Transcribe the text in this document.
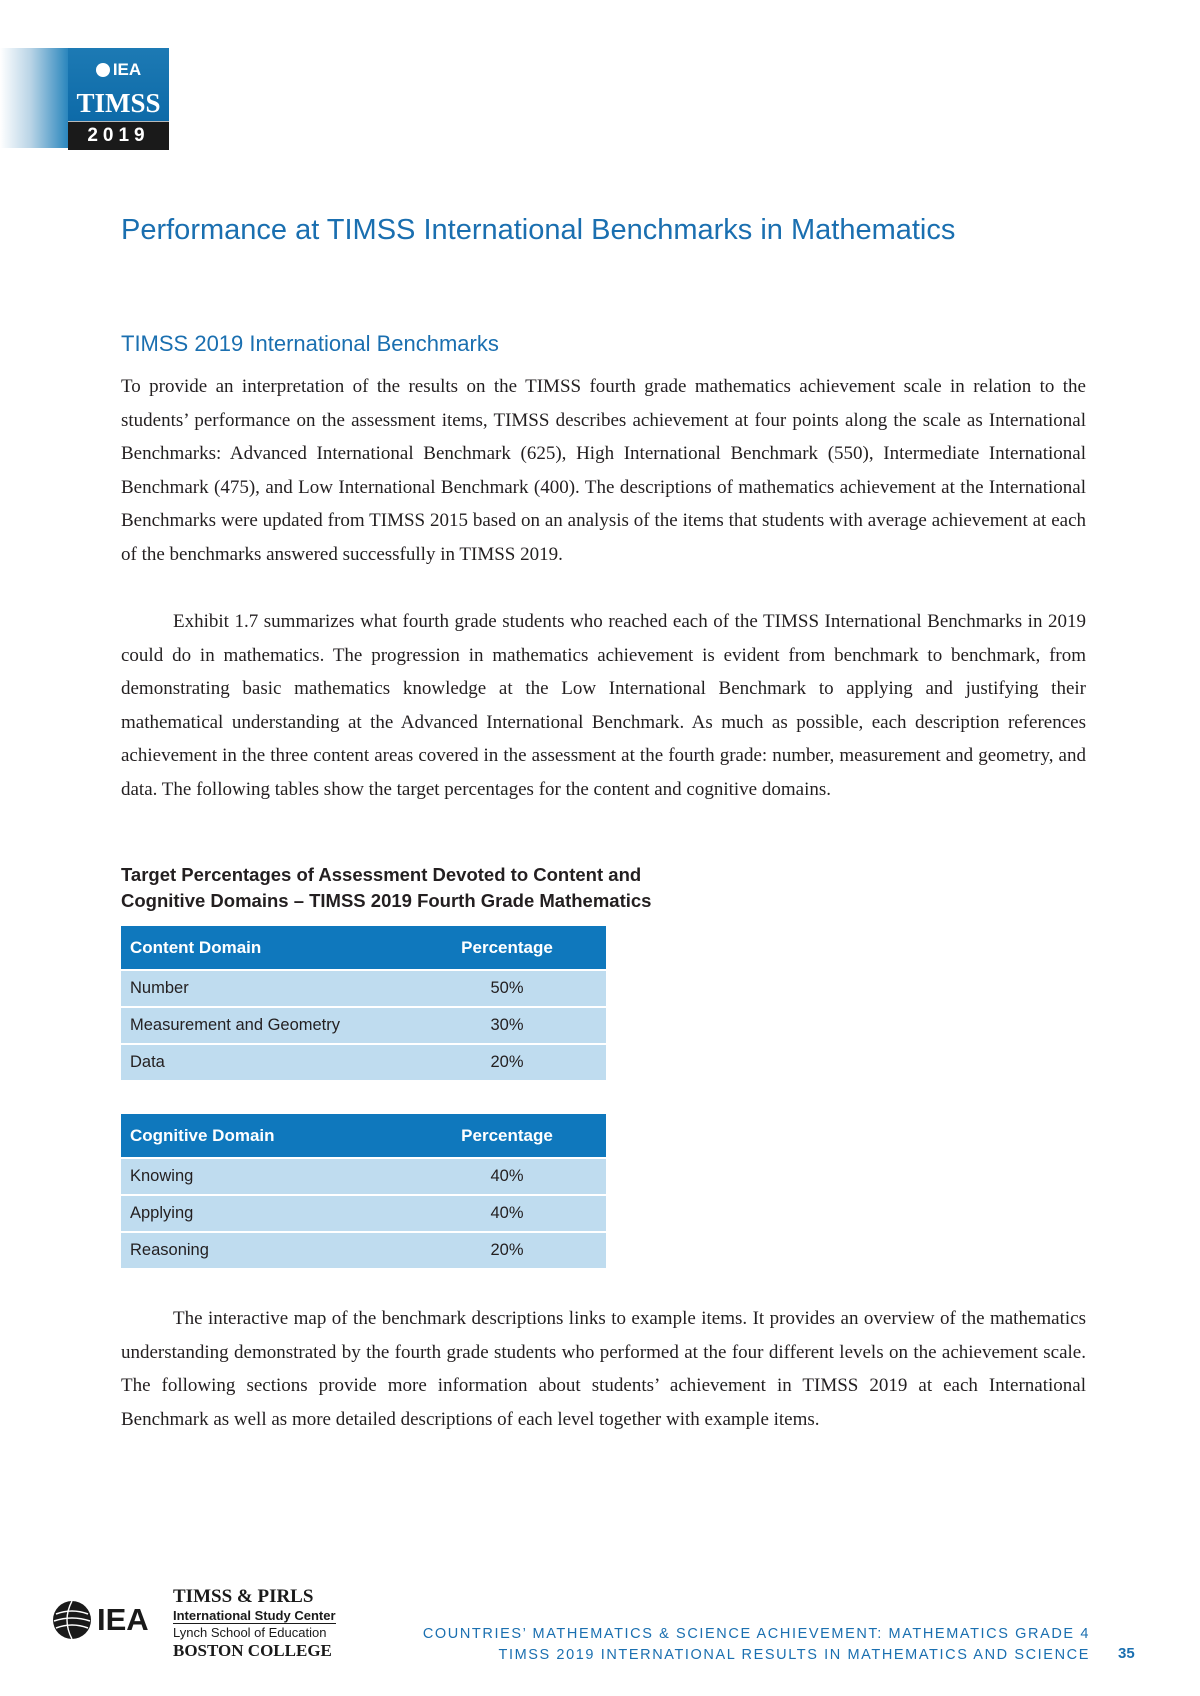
IEA
TIMSS
2019
Performance at TIMSS International Benchmarks in Mathematics
TIMSS 2019 International Benchmarks

To provide an interpretation of the results on the TIMSS fourth grade mathematics achievement scale in relation to the students’ performance on the assessment items, TIMSS describes achievement at four points along the scale as International Benchmarks: Advanced International Benchmark (625), High International Benchmark (550), Intermediate International Benchmark (475), and Low International Benchmark (400). The descriptions of mathematics achievement at the International Benchmarks were updated from TIMSS 2015 based on an analysis of the items that students with average achievement at each of the benchmarks answered successfully in TIMSS 2019.

Exhibit 1.7 summarizes what fourth grade students who reached each of the TIMSS International Benchmarks in 2019 could do in mathematics. The progression in mathematics achievement is evident from benchmark to benchmark, from demonstrating basic mathematics knowledge at the Low International Benchmark to applying and justifying their mathematical understanding at the Advanced International Benchmark. As much as possible, each description references achievement in the three content areas covered in the assessment at the fourth grade: number, measurement and geometry, and data. The following tables show the target percentages for the content and cognitive domains.

Target Percentages of Assessment Devoted to Content and Cognitive Domains – TIMSS 2019 Fourth Grade Mathematics
Content Domain	Percentage
Number	50%
Measurement and Geometry	30%
Data	20%
Cognitive Domain	Percentage
Knowing	40%
Applying	40%
Reasoning	20%

The interactive map of the benchmark descriptions links to example items. It provides an overview of the mathematics understanding demonstrated by the fourth grade students who performed at the four different levels on the achievement scale. The following sections provide more information about students’ achievement in TIMSS 2019 at each International Benchmark as well as more detailed descriptions of each level together with example items.

IEA
TIMSS & PIRLS
International Study Center
Lynch School of Education
BOSTON COLLEGE
COUNTRIES’ MATHEMATICS & SCIENCE ACHIEVEMENT: MATHEMATICS GRADE 4
TIMSS 2019 INTERNATIONAL RESULTS IN MATHEMATICS AND SCIENCE 35
